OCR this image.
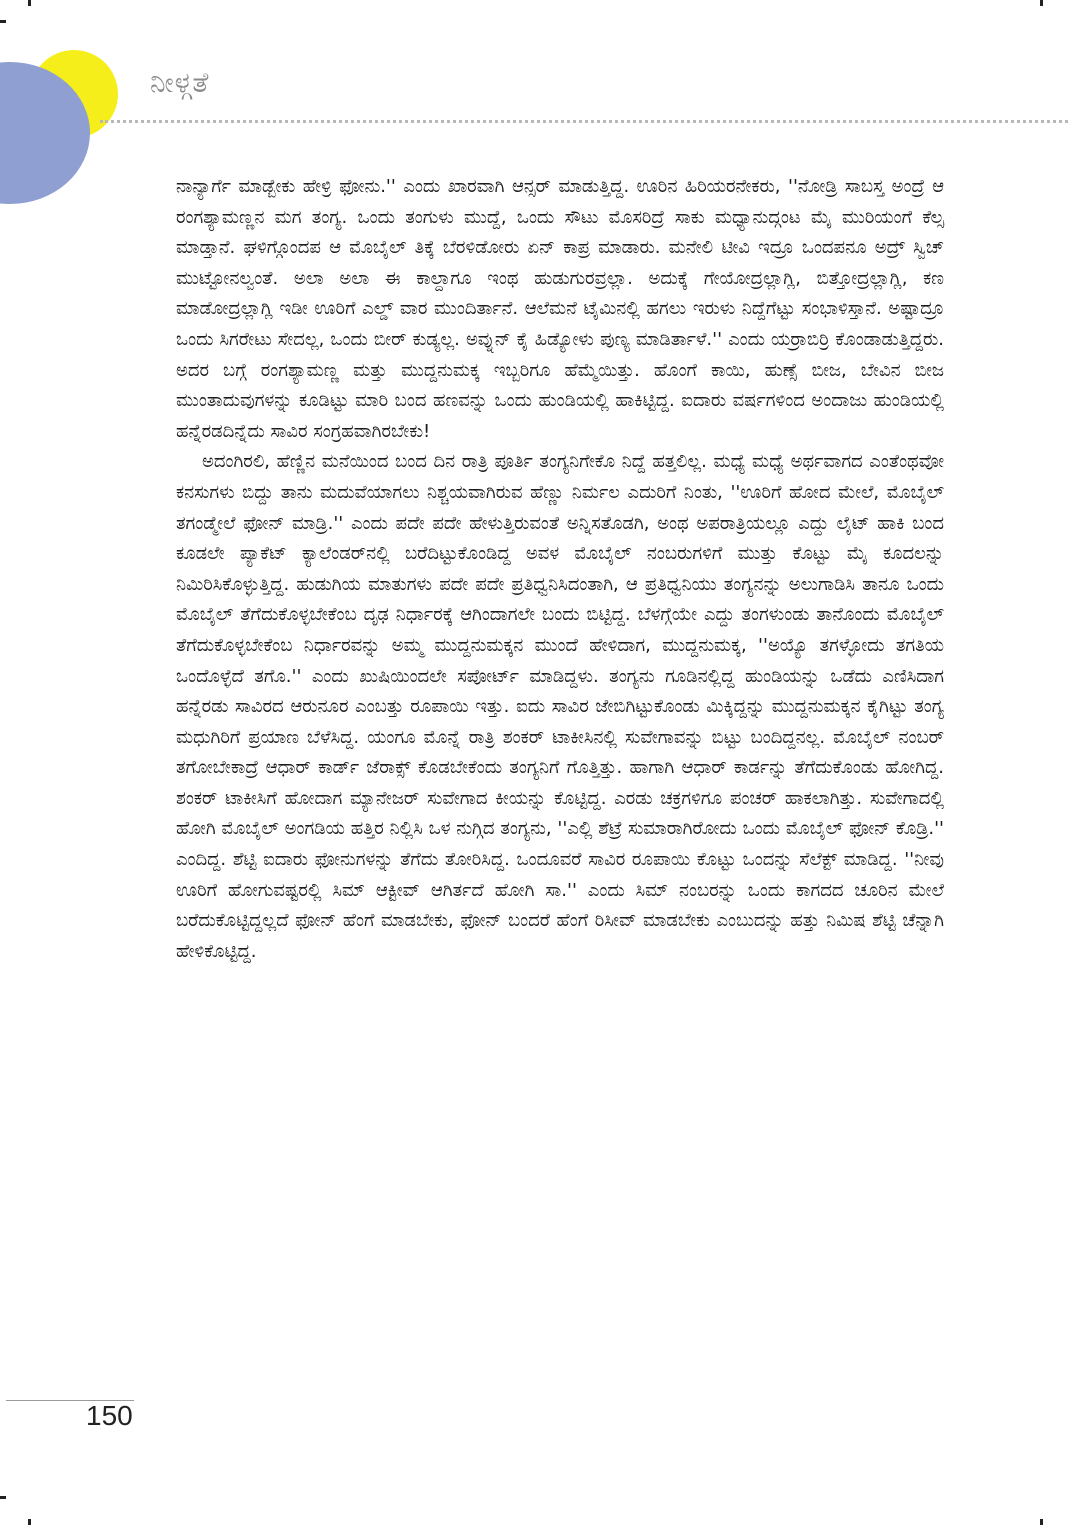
ನೀಳ್ಗತೆ

ನಾನ್ಯಾರ್ಗೆ ಮಾಡ್ಬೇಕು ಹೇಳ್ರಿ ಫೋನು.'' ಎಂದು ಖಾರವಾಗಿ ಆನ್ಸರ್ ಮಾಡುತ್ತಿದ್ದ. ಊರಿನ ಹಿರಿಯರನೇಕರು, ''ನೋಡ್ರಿ ಸಾಬಸ್ತ ಅಂದ್ರೆ ಆ ರಂಗಶ್ಯಾಮಣ್ಣನ ಮಗ ತಂಗ್ಯ. ಒಂದು ತಂಗುಳು ಮುದ್ದೆ, ಒಂದು ಸೌಟು ಮೊಸರಿದ್ರೆ ಸಾಕು ಮಧ್ಯಾನುದ್ಗಂಟ ಮೈ ಮುರಿಯಂಗೆ ಕೆಲ್ಸ ಮಾಡ್ತಾನೆ. ಘಳಿಗ್ಗೊಂದಪ ಆ ಮೊಬೈಲ್ ತಿಕ್ಕೆ ಬೆರಳಿಡೋರು ಏನ್ ಕಾಪ್ರ ಮಾಡಾರು. ಮನೇಲಿ ಟೀವಿ ಇದ್ರೂ ಒಂದಪನೂ ಅದ್ರ್ ಸ್ವಿಚ್ ಮುಟ್ಟೋನಲ್ವಂತೆ. ಅಲಾ ಅಲಾ ಈ ಕಾಲ್ದಾಗೂ ಇಂಥ ಹುಡುಗುರವ್ರಲ್ಲಾ. ಅದುಕ್ಕೆ ಗೇಯೋದ್ರಲ್ಲಾಗ್ಲಿ, ಬಿತ್ತೋದ್ರಲ್ಲಾಗ್ಲಿ, ಕಣ ಮಾಡೋದ್ರಲ್ಲಾಗ್ಲಿ ಇಡೀ ಊರಿಗೆ ಎಲ್ಡ್ ವಾರ ಮುಂದಿರ್ತಾನೆ. ಆಲೆಮನೆ ಟೈಮಿನಲ್ಲಿ ಹಗಲು ಇರುಳು ನಿದ್ದೆಗೆಟ್ಟು ಸಂಭಾಳಿಸ್ತಾನೆ. ಅಷ್ಟಾದ್ರೂ ಒಂದು ಸಿಗರೇಟು ಸೇದಲ್ಲ, ಒಂದು ಬೀರ್ ಕುಡ್ಯಲ್ಲ. ಅವ್ನುನ್ ಕೈ ಹಿಡ್ಯೋಳು ಪುಣ್ಯ ಮಾಡಿರ್ತಾಳೆ.'' ಎಂದು ಯರ್ರಾಬಿರ್ರಿ ಕೊಂಡಾಡುತ್ತಿದ್ದರು. ಅದರ ಬಗ್ಗೆ ರಂಗಶ್ಯಾಮಣ್ಣ ಮತ್ತು ಮುದ್ದನುಮಕ್ಕ ಇಬ್ಬರಿಗೂ ಹೆಮ್ಮೆಯಿತ್ತು. ಹೊಂಗೆ ಕಾಯಿ, ಹುಣ್ಸೆ ಬೀಜ, ಬೇವಿನ ಬೀಜ ಮುಂತಾದುವುಗಳನ್ನು ಕೂಡಿಟ್ಟು ಮಾರಿ ಬಂದ ಹಣವನ್ನು ಒಂದು ಹುಂಡಿಯಲ್ಲಿ ಹಾಕಿಟ್ಟಿದ್ದ. ಐದಾರು ವರ್ಷಗಳಿಂದ ಅಂದಾಜು ಹುಂಡಿಯಲ್ಲಿ ಹನ್ನೆರಡದಿನ್ನೆದು ಸಾವಿರ ಸಂಗ್ರಹವಾಗಿರಬೇಕು!

ಅದಂಗಿರಲಿ, ಹೆಣ್ಣಿನ ಮನೆಯಿಂದ ಬಂದ ದಿನ ರಾತ್ರಿ ಪೂರ್ತಿ ತಂಗ್ಯನಿಗೇಕೊ ನಿದ್ದೆ ಹತ್ತಲಿಲ್ಲ. ಮಧ್ಯೆ ಮಧ್ಯೆ ಅರ್ಥವಾಗದ ಎಂತೆಂಥವೋ ಕನಸುಗಳು ಬಿದ್ದು ತಾನು ಮದುವೆಯಾಗಲು ನಿಶ್ಚಯವಾಗಿರುವ ಹೆಣ್ಣು ನಿರ್ಮಲ ಎದುರಿಗೆ ನಿಂತು, ''ಊರಿಗೆ ಹೋದ ಮೇಲೆ, ಮೊಬೈಲ್ ತಗಂಡ್ಮೇಲೆ ಫೋನ್ ಮಾಡ್ರಿ.'' ಎಂದು ಪದೇ ಪದೇ ಹೇಳುತ್ತಿರುವಂತೆ ಅನ್ನಿಸತೊಡಗಿ, ಅಂಥ ಅಪರಾತ್ರಿಯಲ್ಲೂ ಎದ್ದು ಲೈಟ್ ಹಾಕಿ ಬಂದ ಕೂಡಲೇ ಪ್ಯಾಕೆಟ್ ಕ್ಯಾಲೆಂಡರ್‌ನಲ್ಲಿ ಬರೆದಿಟ್ಟುಕೊಂಡಿದ್ದ ಅವಳ ಮೊಬೈಲ್ ನಂಬರುಗಳಿಗೆ ಮುತ್ತು ಕೊಟ್ಟು ಮೈ ಕೂದಲನ್ನು ನಿಮಿರಿಸಿಕೊಳ್ಳುತ್ತಿದ್ದ. ಹುಡುಗಿಯ ಮಾತುಗಳು ಪದೇ ಪದೇ ಪ್ರತಿಧ್ವನಿಸಿದಂತಾಗಿ, ಆ ಪ್ರತಿಧ್ವನಿಯು ತಂಗ್ಯನನ್ನು ಅಲುಗಾಡಿಸಿ ತಾನೂ ಒಂದು ಮೊಬೈಲ್ ತೆಗೆದುಕೊಳ್ಳಬೇಕೆಂಬ ದೃಢ ನಿರ್ಧಾರಕ್ಕೆ ಆಗಿಂದಾಗಲೇ ಬಂದು ಬಿಟ್ಟಿದ್ದ. ಬೆಳಗ್ಗೆಯೇ ಎದ್ದು ತಂಗಳುಂಡು ತಾನೊಂದು ಮೊಬೈಲ್ ತೆಗೆದುಕೊಳ್ಳಬೇಕೆಂಬ ನಿರ್ಧಾರವನ್ನು ಅಮ್ಮ ಮುದ್ದನುಮಕ್ಕನ ಮುಂದೆ ಹೇಳಿದಾಗ, ಮುದ್ದನುಮಕ್ಕ, ''ಅಯ್ಯೊ ತಗಳ್ಳೋದು ತಗತಿಯ ಒಂದೊಳ್ಳೆದೆ ತಗೊ.'' ಎಂದು ಖುಷಿಯಿಂದಲೇ ಸಪೋರ್ಟ್ ಮಾಡಿದ್ದಳು. ತಂಗ್ಯನು ಗೂಡಿನಲ್ಲಿದ್ದ ಹುಂಡಿಯನ್ನು ಒಡೆದು ಎಣಿಸಿದಾಗ ಹನ್ನೆರಡು ಸಾವಿರದ ಆರುನೂರ ಎಂಬತ್ತು ರೂಪಾಯಿ ಇತ್ತು. ಐದು ಸಾವಿರ ಜೇಬಿಗಿಟ್ಟುಕೊಂಡು ಮಿಕ್ಕಿದ್ದನ್ನು ಮುದ್ದನುಮಕ್ಕನ ಕೈಗಿಟ್ಟು ತಂಗ್ಯ ಮಧುಗಿರಿಗೆ ಪ್ರಯಾಣ ಬೆಳೆಸಿದ್ದ. ಯಂಗೂ ಮೊನ್ನೆ ರಾತ್ರಿ ಶಂಕರ್ ಟಾಕೀಸಿನಲ್ಲಿ ಸುವೇಗಾವನ್ನು ಬಿಟ್ಟು ಬಂದಿದ್ದನಲ್ಲ. ಮೊಬೈಲ್ ನಂಬರ್ ತಗೋಬೇಕಾದ್ರೆ ಆಧಾರ್ ಕಾರ್ಡ್ ಜೆರಾಕ್ಸ್ ಕೊಡಬೇಕೆಂದು ತಂಗ್ಯನಿಗೆ ಗೊತ್ತಿತ್ತು. ಹಾಗಾಗಿ ಆಧಾರ್ ಕಾರ್ಡನ್ನು ತೆಗೆದುಕೊಂಡು ಹೋಗಿದ್ದ. ಶಂಕರ್ ಟಾಕೀಸಿಗೆ ಹೋದಾಗ ಮ್ಯಾನೇಜರ್ ಸುವೇಗಾದ ಕೀಯನ್ನು ಕೊಟ್ಟಿದ್ದ. ಎರಡು ಚಕ್ರಗಳಿಗೂ ಪಂಚರ್ ಹಾಕಲಾಗಿತ್ತು. ಸುವೇಗಾದಲ್ಲಿ ಹೋಗಿ ಮೊಬೈಲ್ ಅಂಗಡಿಯ ಹತ್ತಿರ ನಿಲ್ಲಿಸಿ ಒಳ ನುಗ್ಗಿದ ತಂಗ್ಯನು, ''ಎಲ್ಲಿ ಶೆಟ್ರೆ ಸುಮಾರಾಗಿರೋದು ಒಂದು ಮೊಬೈಲ್ ಫೋನ್ ಕೊಡ್ರಿ.'' ಎಂದಿದ್ದ. ಶೆಟ್ಟಿ ಐದಾರು ಫೋನುಗಳನ್ನು ತೆಗೆದು ತೋರಿಸಿದ್ದ. ಒಂದೂವರೆ ಸಾವಿರ ರೂಪಾಯಿ ಕೊಟ್ಟು ಒಂದನ್ನು ಸೆಲೆಕ್ಟ್ ಮಾಡಿದ್ದ. ''ನೀವು ಊರಿಗೆ ಹೋಗುವಷ್ಟರಲ್ಲಿ ಸಿಮ್ ಆಕ್ಟೀವ್ ಆಗಿರ್ತದೆ ಹೋಗಿ ಸಾ.'' ಎಂದು ಸಿಮ್ ನಂಬರನ್ನು ಒಂದು ಕಾಗದದ ಚೂರಿನ ಮೇಲೆ ಬರೆದುಕೊಟ್ಟಿದ್ದಲ್ಲದೆ ಫೋನ್ ಹೆಂಗೆ ಮಾಡಬೇಕು, ಫೋನ್ ಬಂದರೆ ಹೆಂಗೆ ರಿಸೀವ್ ಮಾಡಬೇಕು ಎಂಬುದನ್ನು ಹತ್ತು ನಿಮಿಷ ಶೆಟ್ಟಿ ಚೆನ್ನಾಗಿ ಹೇಳಿಕೊಟ್ಟಿದ್ದ.

150
